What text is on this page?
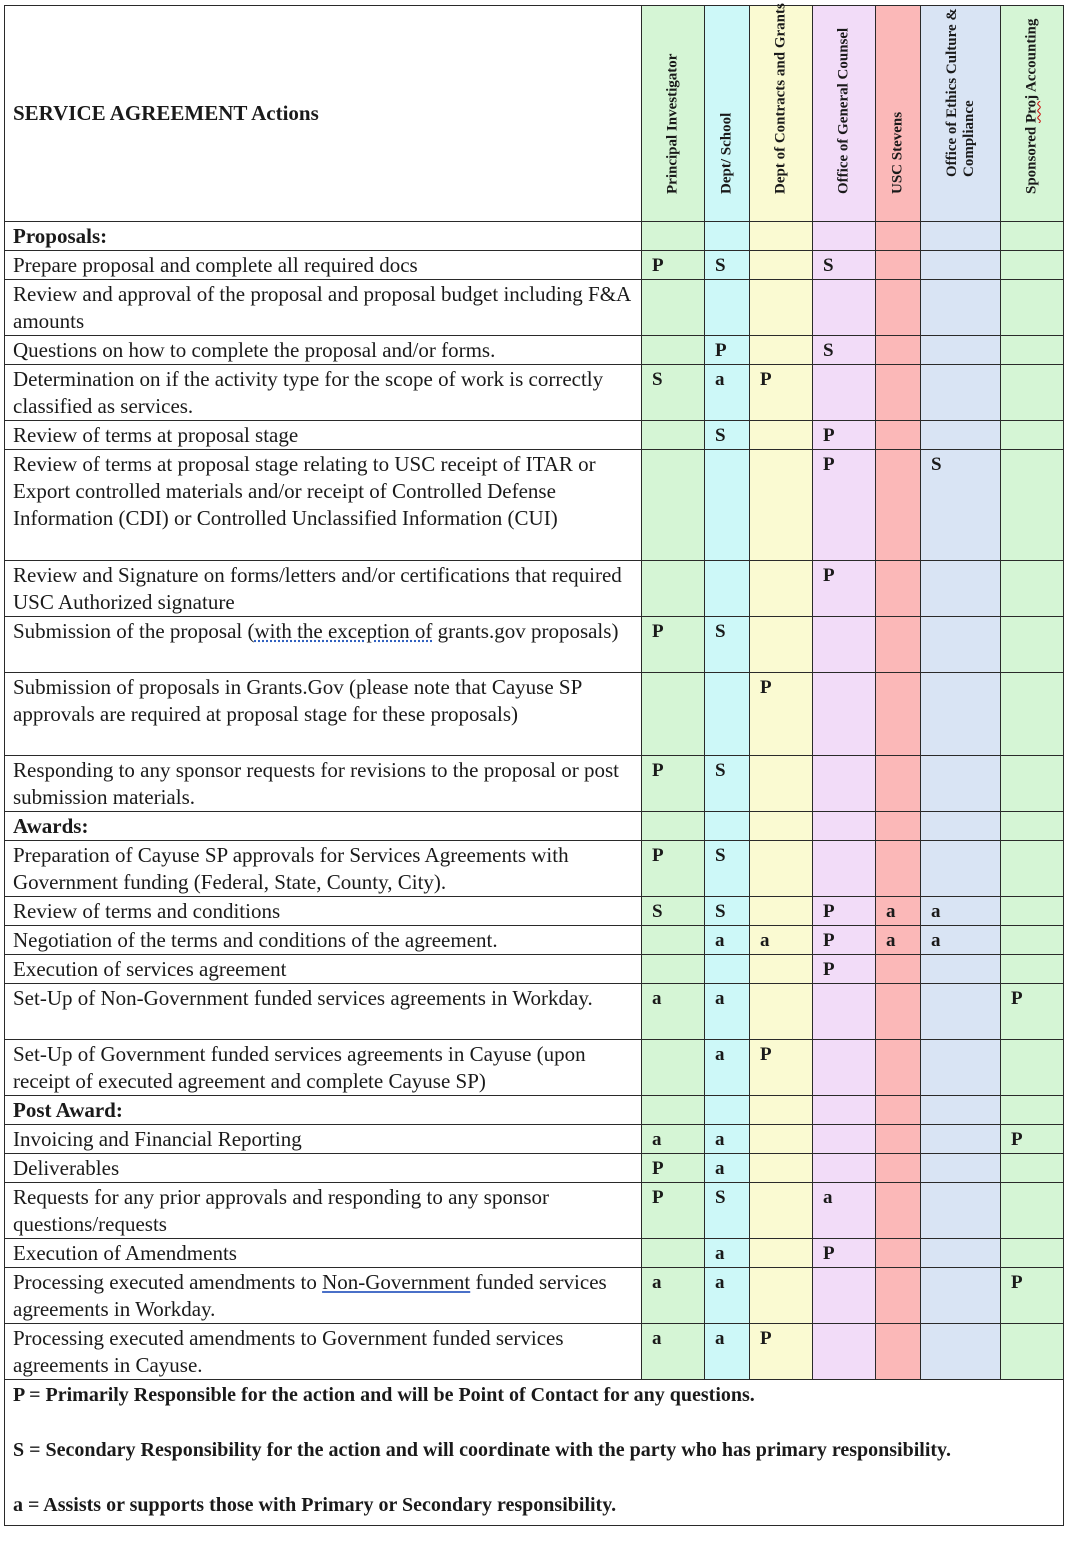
SERVICE AGREEMENT Actions	Principal Investigator	Dept/ School	Dept of Contracts and Grants	Office of General Counsel	USC Stevens	Office of Ethics Culture & Compliance	Sponsored Proj Accounting

Proposals:							
Prepare proposal and complete all required docs	P	S		S			
Review and approval of the proposal and proposal budget including F&A amounts							
Questions on how to complete the proposal and/or forms.		P		S			
Determination on if the activity type for the scope of work is correctly classified as services.	S	a	P				
Review of terms at proposal stage		S		P			
Review of terms at proposal stage relating to USC receipt of ITAR or Export controlled materials and/or receipt of Controlled Defense Information (CDI) or Controlled Unclassified Information (CUI)				P		S	
Review and Signature on forms/letters and/or certifications that required USC Authorized signature				P			
Submission of the proposal (with the exception of grants.gov proposals)	P	S					
Submission of proposals in Grants.Gov (please note that Cayuse SP approvals are required at proposal stage for these proposals)			P				
Responding to any sponsor requests for revisions to the proposal or post submission materials.	P	S					
Awards:							
Preparation of Cayuse SP approvals for Services Agreements with Government funding (Federal, State, County, City).	P	S					
Review of terms and conditions	S	S		P	a	a	
Negotiation of the terms and conditions of the agreement.		a	a	P	a	a	
Execution of services agreement				P			
Set-Up of Non-Government funded services agreements in Workday.	a	a					P
Set-Up of Government funded services agreements in Cayuse (upon receipt of executed agreement and complete Cayuse SP)		a	P				
Post Award:							
Invoicing and Financial Reporting	a	a					P
Deliverables	P	a					
Requests for any prior approvals and responding to any sponsor questions/requests	P	S		a			
Execution of Amendments		a		P			
Processing executed amendments to Non-Government funded services agreements in Workday.	a	a					P
Processing executed amendments to Government funded services agreements in Cayuse.	a	a	P				

P = Primarily Responsible for the action and will be Point of Contact for any questions.

S = Secondary Responsibility for the action and will coordinate with the party who has primary responsibility.

a = Assists or supports those with Primary or Secondary responsibility.							
